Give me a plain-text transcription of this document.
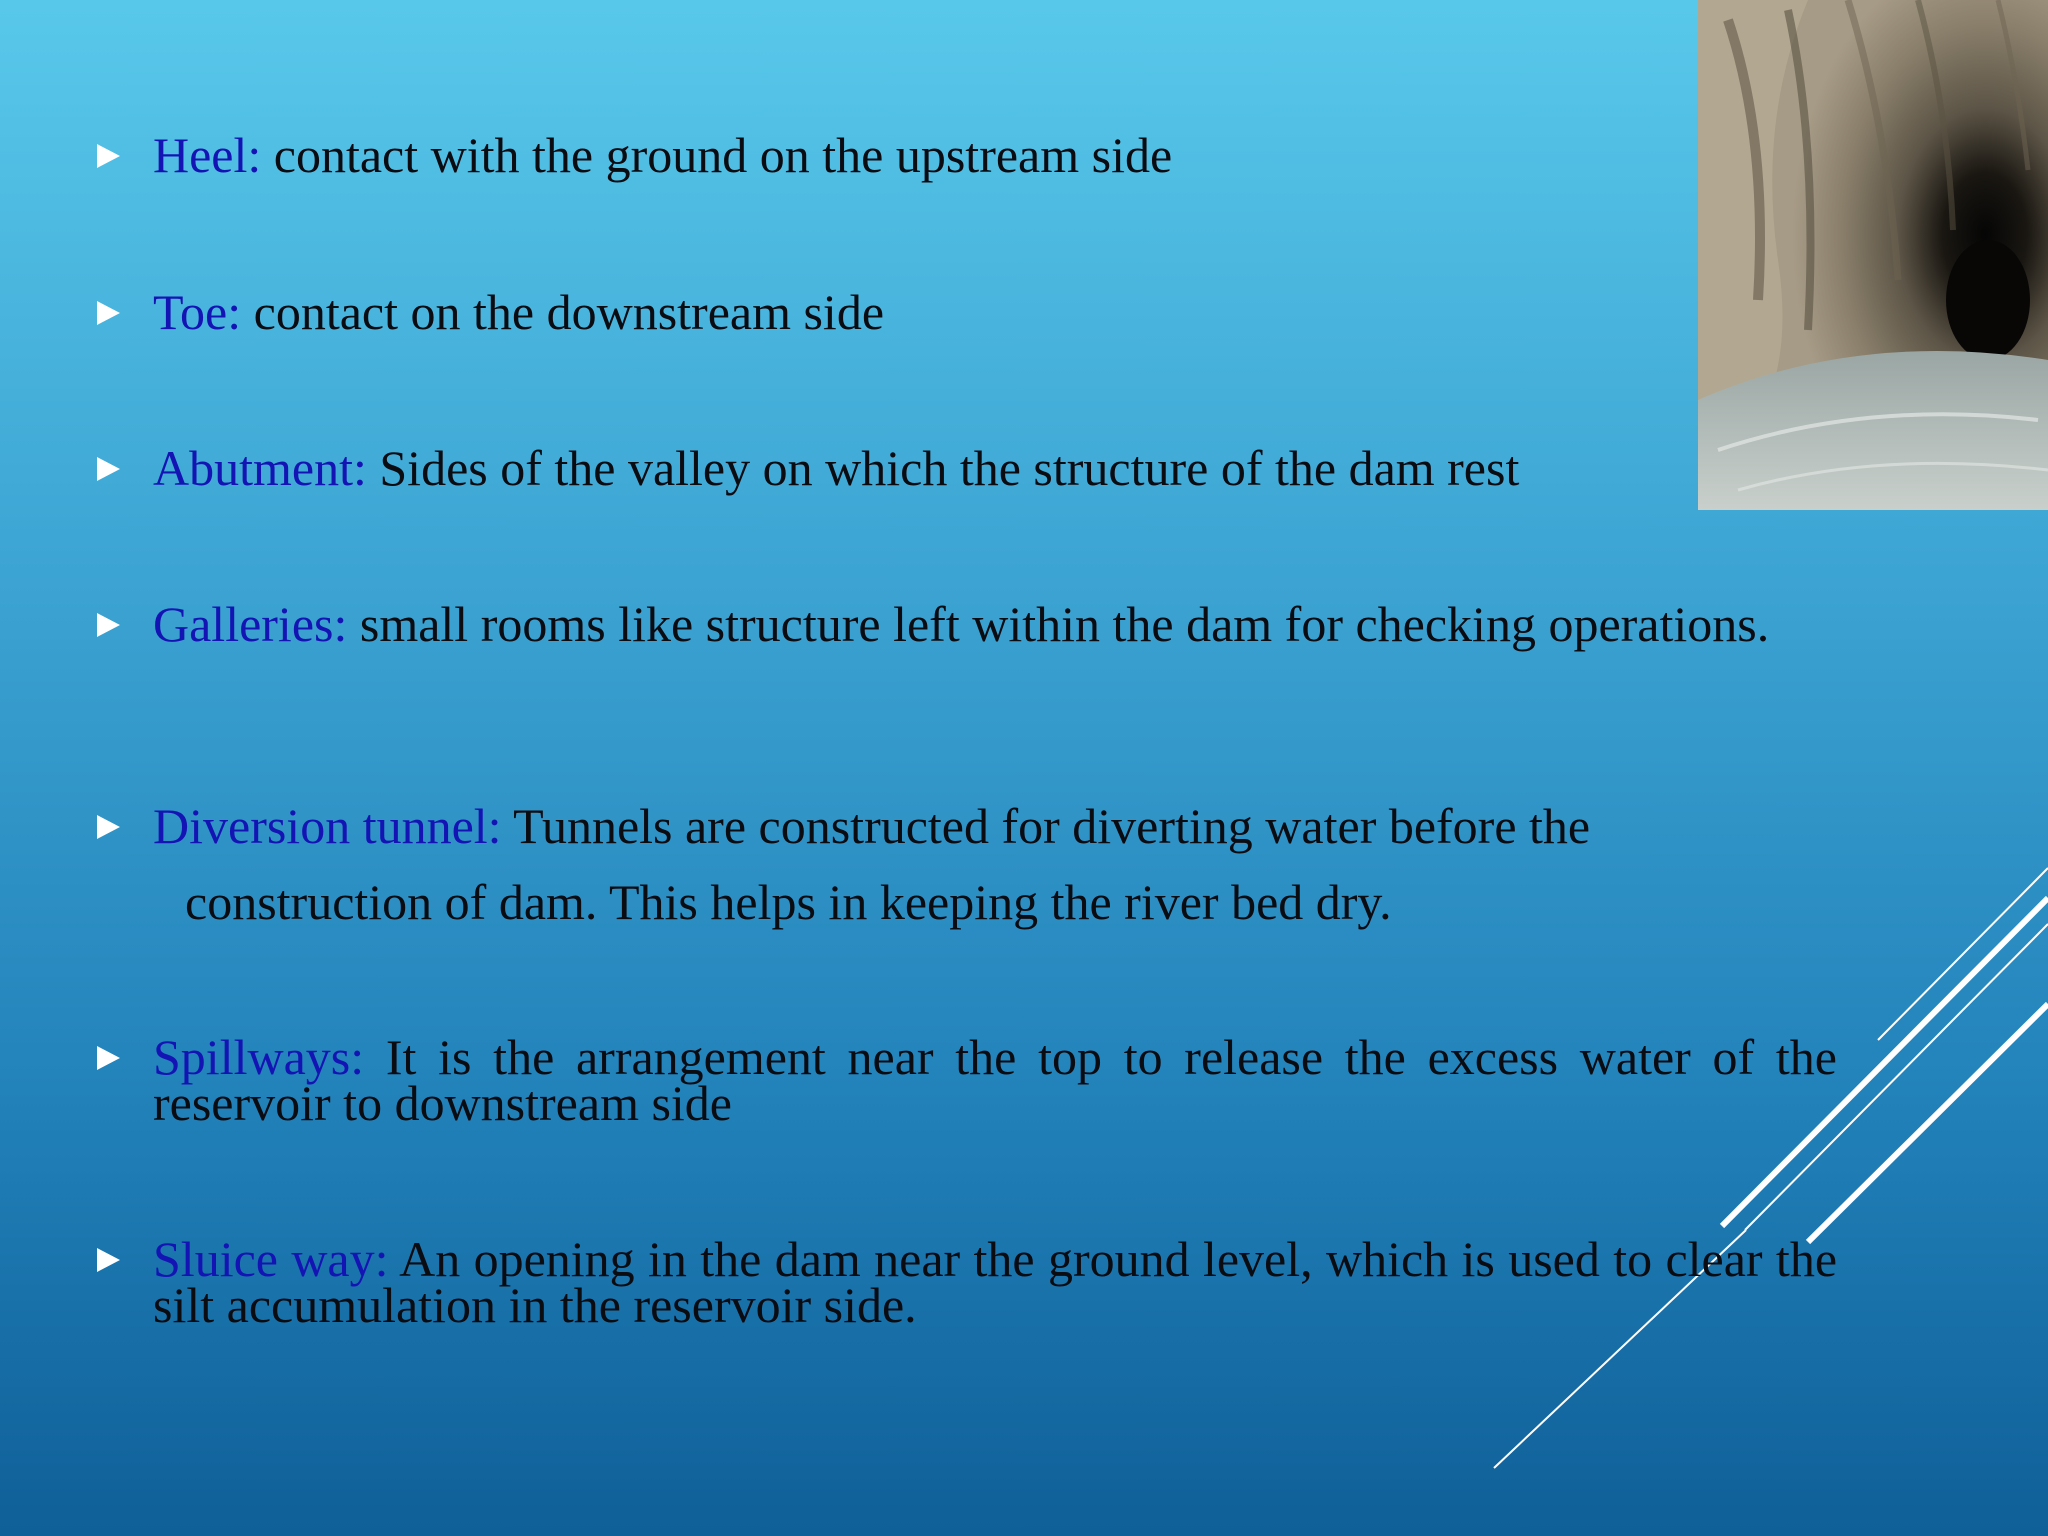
Heel: contact with the ground on the upstream side
Toe: contact on the downstream side
Abutment: Sides of the valley on which the structure of the dam rest
Galleries: small rooms like structure left within the dam for checking operations.
Diversion tunnel: Tunnels are constructed for diverting water before the
construction of dam. This helps in keeping the river bed dry.
Spillways: It is the arrangement near the top to release the excess water of the reservoir to downstream side
Sluice way: An opening in the dam near the ground level, which is used to clear the silt accumulation in the reservoir side.
